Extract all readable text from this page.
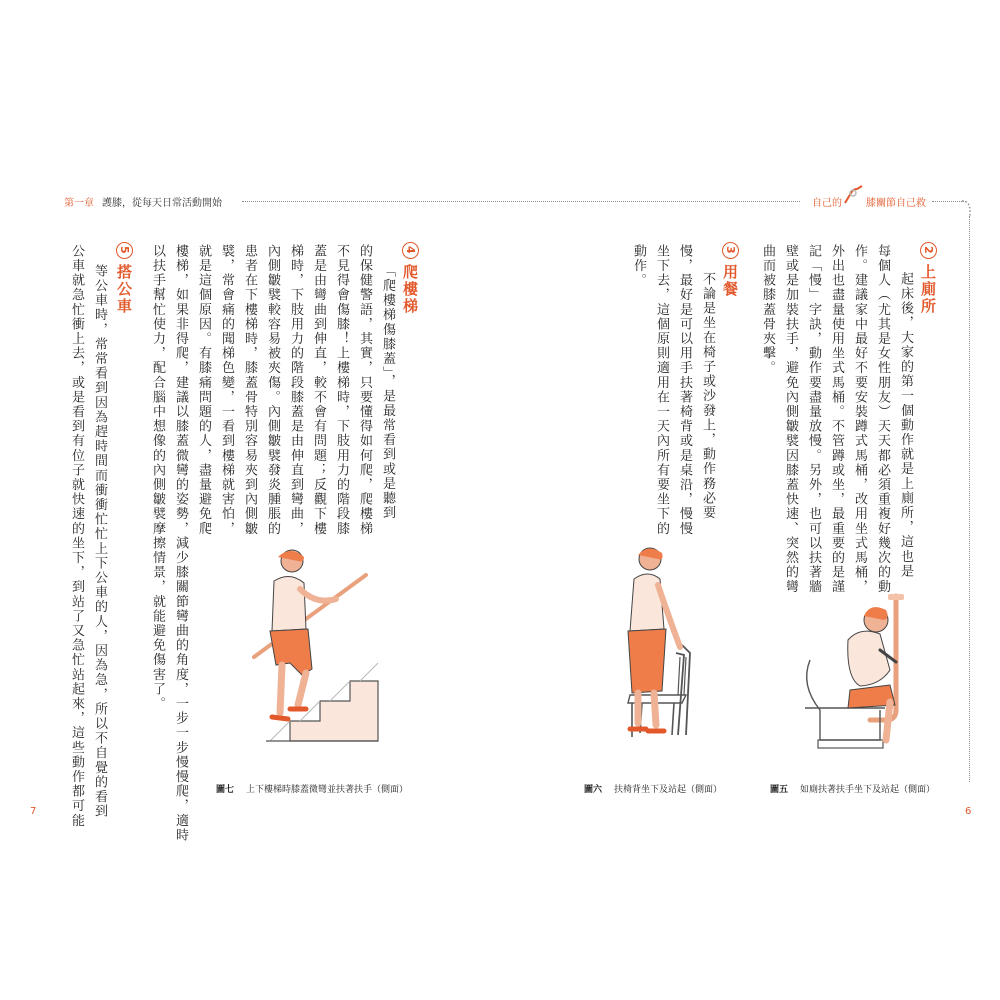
第一章 護膝，從每天日常活動開始	自己的 膝關節自己救
7	6
2上廁所
起床後，大家的第一個動作就是上廁所，這也是
每個人（尤其是女性朋友）天天都必須重複好幾次的動
作。建議家中最好不要安裝蹲式馬桶，改用坐式馬桶，
外出也盡量使用坐式馬桶。不管蹲或坐，最重要的是謹
記「慢」字訣，動作要盡量放慢。另外，也可以扶著牆
壁或是加裝扶手，避免內側皺襞因膝蓋快速、突然的彎
曲而被膝蓋骨夾擊。
3用餐
不論是坐在椅子或沙發上，動作務必要
慢，最好是可以用手扶著椅背或是桌沿，慢慢
坐下去，這個原則適用在一天內所有要坐下的
動作。
4爬樓梯
「爬樓梯傷膝蓋」，是最常看到或是聽到
的保健警語，其實，只要懂得如何爬，爬樓梯
不見得會傷膝！上樓梯時，下肢用力的階段膝
蓋是由彎曲到伸直，較不會有問題；反觀下樓
梯時，下肢用力的階段膝蓋是由伸直到彎曲，
內側皺襞較容易被夾傷。內側皺襞發炎腫脹的
患者在下樓梯時，膝蓋骨特別容易夾到內側皺
襞，常會痛的聞梯色變，一看到樓梯就害怕，
就是這個原因。有膝痛問題的人，盡量避免爬
樓梯，如果非得爬，建議以膝蓋微彎的姿勢，減少膝關節彎曲的角度，一步一步慢慢爬，適時
以扶手幫忙使力，配合腦中想像的內側皺襞摩擦情景，就能避免傷害了。
5搭公車
等公車時，常常看到因為趕時間而衝衝忙忙上下公車的人，因為急，所以不自覺的看到
公車就急忙衝上去，或是看到有位子就快速的坐下，到站了又急忙站起來，這些動作都可能	圖五 如廁扶著扶手坐下及站起（側面）
圖六 扶椅背坐下及站起（側面）
圖七 上下樓梯時膝蓋微彎並扶著扶手（側面）
